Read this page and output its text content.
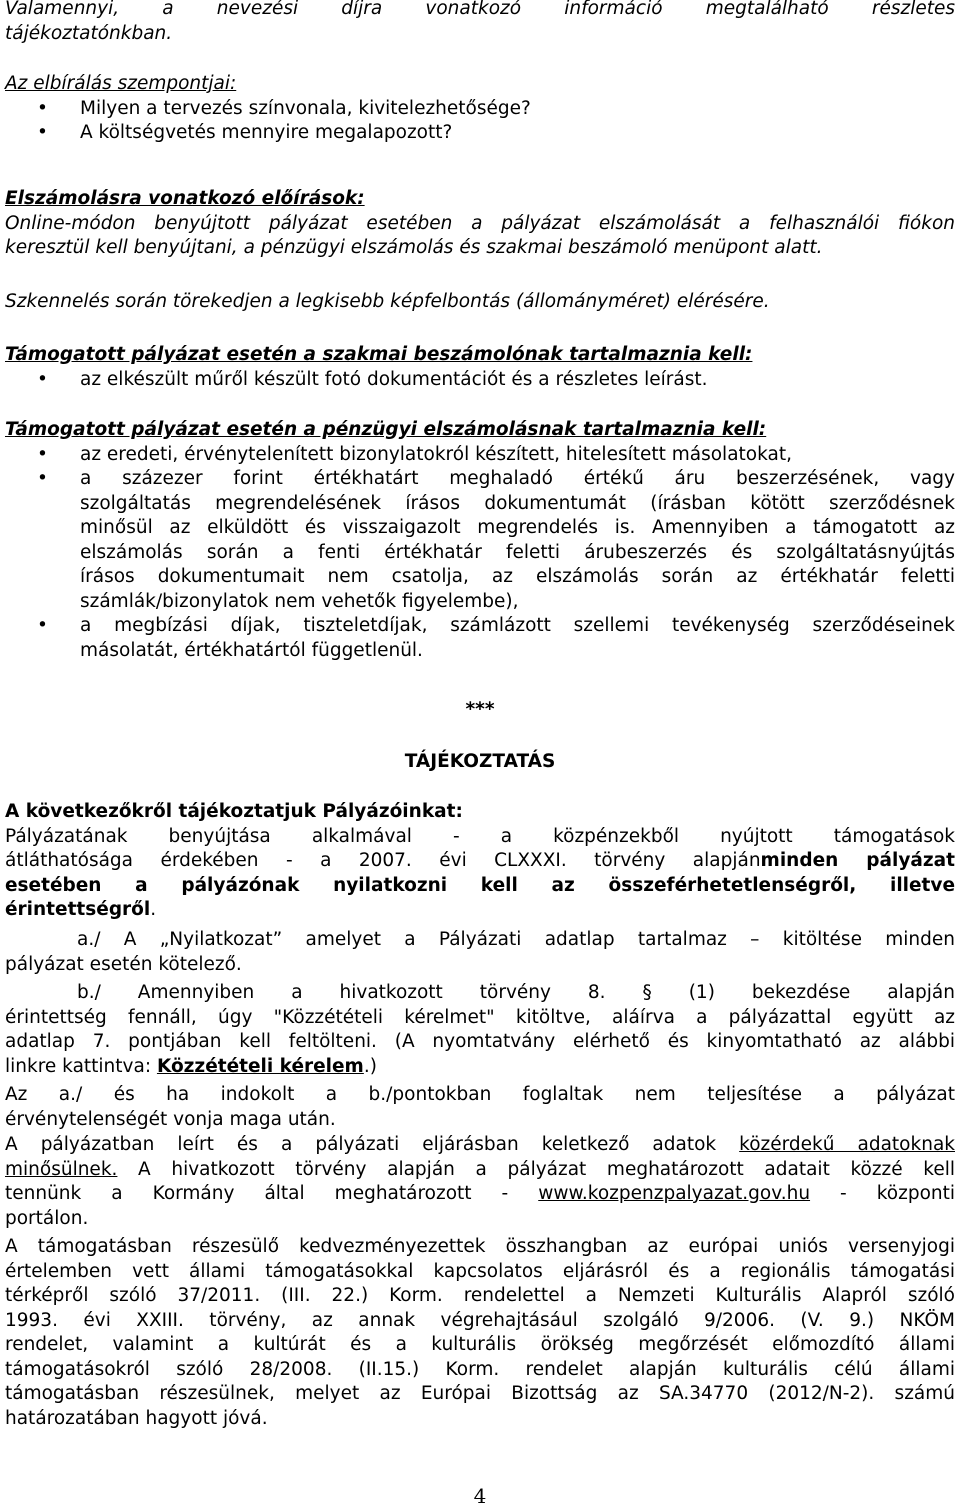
Valamennyi, a nevezési díjra vonatkozó információ megtalálható részletes

tájékoztatónkban.

Az elbírálás szempontjai:

• Milyen a tervezés színvonala, kivitelezhetősége?
• A költségvetés mennyire megalapozott?

Elszámolásra vonatkozó előírások:

Online-módon benyújtott pályázat esetében a pályázat elszámolását a felhasználói fiókon

keresztül kell benyújtani, a pénzügyi elszámolás és szakmai beszámoló menüpont alatt.

Szkennelés során törekedjen a legkisebb képfelbontás (állományméret) elérésére.

Támogatott pályázat esetén a szakmai beszámolónak tartalmaznia kell:

• az elkészült műről készült fotó dokumentációt és a részletes leírást.

Támogatott pályázat esetén a pénzügyi elszámolásnak tartalmaznia kell:

• az eredeti, érvénytelenített bizonylatokról készített, hitelesített másolatokat,
• a százezer forint értékhatárt meghaladó értékű áru beszerzésének, vagy

szolgáltatás megrendelésének írásos dokumentumát (írásban kötött szerződésnek

minősül az elküldött és visszaigazolt megrendelés is. Amennyiben a támogatott az

elszámolás során a fenti értékhatár feletti árubeszerzés és szolgáltatásnyújtás

írásos dokumentumait nem csatolja, az elszámolás során az értékhatár feletti

számlák/bizonylatok nem vehetők figyelembe),

• a megbízási díjak, tiszteletdíjak, számlázott szellemi tevékenység szerződéseinek

másolatát, értékhatártól függetlenül.

***
TÁJÉKOZTATÁS

A következőkről tájékoztatjuk Pályázóinkat:

Pályázatának benyújtása alkalmával - a közpénzekből nyújtott támogatások

átláthatósága érdekében - a 2007. évi CLXXXI. törvény alapjánminden pályázat

esetében a pályázónak nyilatkozni kell az összeférhetetlenségről, illetve

érintettségről.

a./ A „Nyilatkozat” amelyet a Pályázati adatlap tartalmaz – kitöltése minden

pályázat esetén kötelező.

b./ Amennyiben a hivatkozott törvény 8. § (1) bekezdése alapján

érintettség fennáll, úgy "Közzétételi kérelmet" kitöltve, aláírva a pályázattal együtt az

adatlap 7. pontjában kell feltölteni. (A nyomtatvány elérhető és kinyomtatható az alábbi

linkre kattintva: Közzétételi kérelem.)

Az a./ és ha indokolt a b./pontokban foglaltak nem teljesítése a pályázat

érvénytelenségét vonja maga után.

A pályázatban leírt és a pályázati eljárásban keletkező adatok közérdekű adatoknak

minősülnek. A hivatkozott törvény alapján a pályázat meghatározott adatait közzé kell

tennünk a Kormány által meghatározott - www.kozpenzpalyazat.gov.hu - központi

portálon.

A támogatásban részesülő kedvezményezettek összhangban az európai uniós versenyjogi

értelemben vett állami támogatásokkal kapcsolatos eljárásról és a regionális támogatási

térképről szóló 37/2011. (III. 22.) Korm. rendelettel a Nemzeti Kulturális Alapról szóló

1993. évi XXIII. törvény, az annak végrehajtásául szolgáló 9/2006. (V. 9.) NKÖM

rendelet, valamint a kultúrát és a kulturális örökség megőrzését előmozdító állami

támogatásokról szóló 28/2008. (II.15.) Korm. rendelet alapján kulturális célú állami

támogatásban részesülnek, melyet az Európai Bizottság az SA.34770 (2012/N-2). számú

határozatában hagyott jóvá.

4
